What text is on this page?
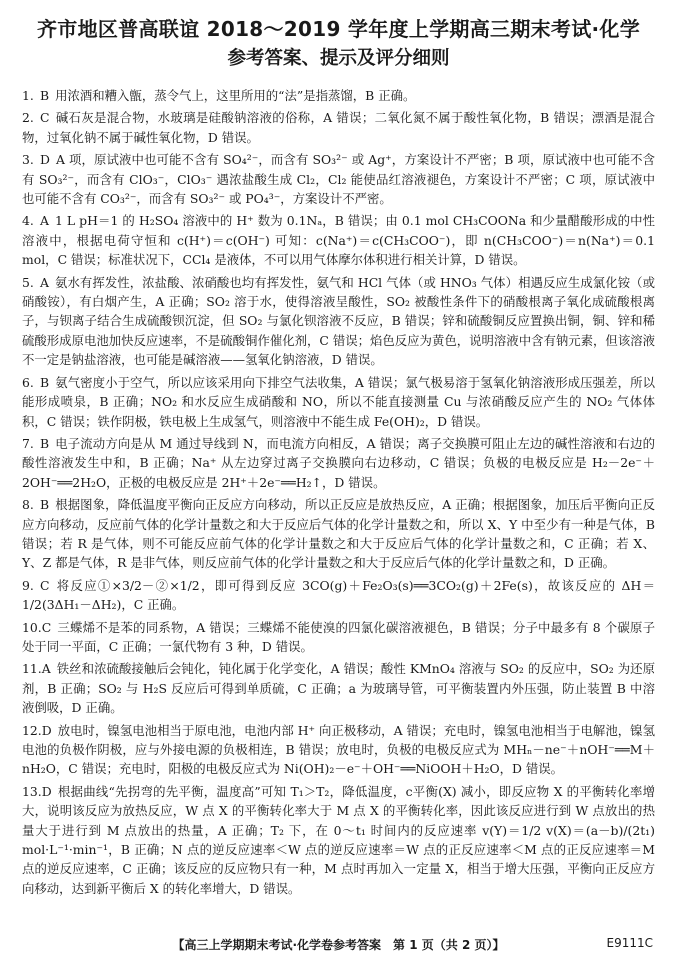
齐市地区普高联谊 2018～2019 学年度上学期高三期末考试·化学
参考答案、提示及评分细则
1. B 用浓酒和糟入甑，蒸令气上，这里所用的“法”是指蒸馏，B 正确。
2. C 碱石灰是混合物，水玻璃是硅酸钠溶液的俗称，A 错误；二氧化氮不属于酸性氧化物，B 错误；漂酒是混合物，过氧化钠不属于碱性氧化物，D 错误。
3. D A 项，原试液中也可能不含有 SO₄²⁻，而含有 SO₃²⁻ 或 Ag⁺，方案设计不严密；B 项，原试液中也可能不含有 SO₃²⁻，而含有 ClO₃⁻，ClO₃⁻ 遇浓盐酸生成 Cl₂，Cl₂ 能使品红溶液褪色，方案设计不严密；C 项，原试液中也可能不含有 CO₃²⁻，而含有 SO₃²⁻ 或 PO₄³⁻，方案设计不严密。
4. A 1 L pH＝1 的 H₂SO₄ 溶液中的 H⁺ 数为 0.1Nₐ，B 错误；由 0.1 mol CH₃COONa 和少量醋酸形成的中性溶液中，根据电荷守恒和 c(H⁺)＝c(OH⁻) 可知：c(Na⁺)＝c(CH₃COO⁻)，即 n(CH₃COO⁻)＝n(Na⁺)＝0.1 mol，C 错误；标准状况下，CCl₄ 是液体，不可以用气体摩尔体积进行相关计算，D 错误。
5. A 氨水有挥发性，浓盐酸、浓硝酸也均有挥发性，氨气和 HCl 气体（或 HNO₃ 气体）相遇反应生成氯化铵（或硝酸铵），有白烟产生，A 正确；SO₂ 溶于水，使得溶液呈酸性，SO₂ 被酸性条件下的硝酸根离子氧化成硫酸根离子，与钡离子结合生成硫酸钡沉淀，但 SO₂ 与氯化钡溶液不反应，B 错误；锌和硫酸铜反应置换出铜，铜、锌和稀硫酸形成原电池加快反应速率，不是硫酸铜作催化剂，C 错误；焰色反应为黄色，说明溶液中含有钠元素，但该溶液不一定是钠盐溶液，也可能是碱溶液——氢氧化钠溶液，D 错误。
6. B 氨气密度小于空气，所以应该采用向下排空气法收集，A 错误；氯气极易溶于氢氧化钠溶液形成压强差，所以能形成喷泉，B 正确；NO₂ 和水反应生成硝酸和 NO，所以不能直接测量 Cu 与浓硝酸反应产生的 NO₂ 气体体积，C 错误；铁作阴极，铁电极上生成氢气，则溶液中不能生成 Fe(OH)₂，D 错误。
7. B 电子流动方向是从 M 通过导线到 N，而电流方向相反，A 错误；离子交换膜可阻止左边的碱性溶液和右边的酸性溶液发生中和，B 正确；Na⁺ 从左边穿过离子交换膜向右边移动，C 错误；负极的电极反应是 H₂－2e⁻＋2OH⁻══2H₂O，正极的电极反应是 2H⁺＋2e⁻══H₂↑，D 错误。
8. B 根据图象，降低温度平衡向正反应方向移动，所以正反应是放热反应，A 正确；根据图象，加压后平衡向正反应方向移动，反应前气体的化学计量数之和大于反应后气体的化学计量数之和，所以 X、Y 中至少有一种是气体，B 错误；若 R 是气体，则不可能反应前气体的化学计量数之和大于反应后气体的化学计量数之和，C 正确；若 X、Y、Z 都是气体，R 是非气体，则反应前气体的化学计量数之和大于反应后气体的化学计量数之和，D 正确。
9. C 将反应①×3/2－②×1/2，即可得到反应 3CO(g)＋Fe₂O₃(s)══3CO₂(g)＋2Fe(s)，故该反应的 ΔH＝1/2(3ΔH₁－ΔH₂)，C 正确。
10.C 三蝶烯不是苯的同系物，A 错误；三蝶烯不能使溴的四氯化碳溶液褪色，B 错误；分子中最多有 8 个碳原子处于同一平面，C 正确；一氯代物有 3 种，D 错误。
11.A 铁丝和浓硫酸接触后会钝化，钝化属于化学变化，A 错误；酸性 KMnO₄ 溶液与 SO₂ 的反应中，SO₂ 为还原剂，B 正确；SO₂ 与 H₂S 反应后可得到单质硫，C 正确；a 为玻璃导管，可平衡装置内外压强，防止装置 B 中溶液倒吸，D 正确。
12.D 放电时，镍氢电池相当于原电池，电池内部 H⁺ 向正极移动，A 错误；充电时，镍氢电池相当于电解池，镍氢电池的负极作阴极，应与外接电源的负极相连，B 错误；放电时，负极的电极反应式为 MHₙ－ne⁻＋nOH⁻══M＋nH₂O，C 错误；充电时，阳极的电极反应式为 Ni(OH)₂－e⁻＋OH⁻══NiOOH＋H₂O，D 错误。
13.D 根据曲线“先拐弯的先平衡，温度高”可知 T₁＞T₂，降低温度，c平衡(X) 减小，即反应物 X 的平衡转化率增大，说明该反应为放热反应，W 点 X 的平衡转化率大于 M 点 X 的平衡转化率，因此该反应进行到 W 点放出的热量大于进行到 M 点放出的热量，A 正确；T₂ 下，在 0～t₁ 时间内的反应速率 v(Y)＝1/2 v(X)＝(a－b)/(2t₁) mol·L⁻¹·min⁻¹，B 正确；N 点的逆反应速率＜W 点的逆反应速率＝W 点的正反应速率＜M 点的正反应速率＝M 点的逆反应速率，C 正确；该反应的反应物只有一种，M 点时再加入一定量 X，相当于增大压强，平衡向正反应方向移动，达到新平衡后 X 的转化率增大，D 错误。
【高三上学期期末考试·化学卷参考答案　第 1 页（共 2 页）】	E9111C
